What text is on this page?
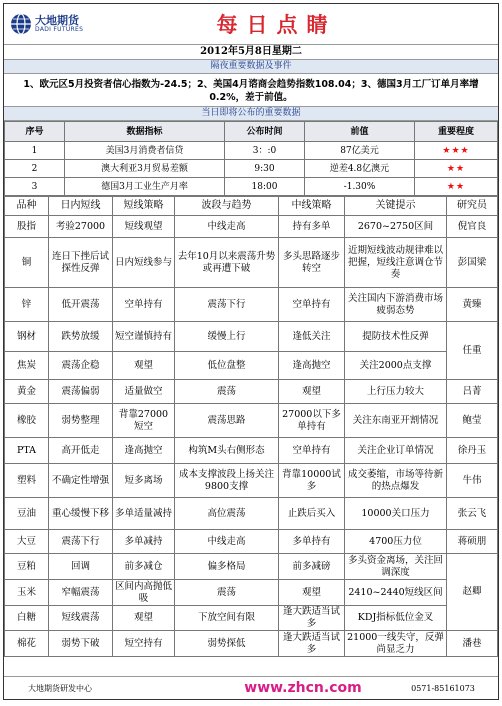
大地期货
DADI FUTURES	每日点睛
2012年5月8日星期二
隔夜重要数据及事件
1、欧元区5月投资者信心指数为-24.5；2、美国4月谘商会趋势指数108.04；3、德国3月工厂订单月率增0.2%，差于前值。
当日即将公布的重要数据
序号	数据指标	公布时间	前值	重要程度
1	美国3月消费者信贷	3：:0	87亿美元	★★★
2	澳大利亚3月贸易差额	9:30	逆差4.8亿澳元	★★
3	德国3月工业生产月率	18:00	-1.30%	★★
品种	日内短线	短线策略	波段与趋势	中线策略	关键提示	研究员
股指	考验27000	短线观望	中线走高	持有多单	2670~2750区间	倪官良
铜	连日下挫后试探性反弹	日内短线参与	去年10月以来震荡升势或再遭下破	多头思路逐步转空	近期短线波动规律难以把握，短线注意调仓节奏	彭国梁
锌	低开震荡	空单持有	震荡下行	空单持有	关注国内下游消费市场疲弱态势	黄臻
钢材	跌势放缓	短空谨慎持有	缓慢上行	逢低关注	提防技术性反弹	任重
焦炭	震荡企稳	观望	低位盘整	逢高抛空	关注2000点支撑	
黄金	震荡偏弱	适量做空	震荡	观望	上行压力较大	吕菁
橡胶	弱势整理	背靠27000短空	震荡思路	27000以下多单持有	关注东南亚开割情况	鲍莹
PTA	高开低走	逢高抛空	构筑M头右侧形态	空单持有	关注企业订单情况	徐丹玉
塑料	不确定性增强	短多离场	成本支撑波段上扬关注9800支撑	背靠10000试多	成交萎缩，市场等待新的热点爆发	牛伟
豆油	重心缓慢下移	多单适量减持	高位震荡	止跌后买入	10000关口压力	张云飞
大豆	震荡下行	多单减持	中线走高	多单持有	4700压力位	蒋硕朋
豆粕	回调	前多减仓	偏多格局	前多减磅	多头资金离场，关注回调深度	赵卿
玉米	窄幅震荡	区间内高抛低吸	震荡	观望	2410~2440短线区间	
白糖	短线震荡	观望	下放空间有限	逢大跌适当试多	KDJ指标低位金叉	
棉花	弱势下破	短空持有	弱势探低	逢大跌适当试多	21000一线失守，反弹尚显乏力	潘巷
大地期货研发中心	www.zhcn.com	0571-85161073
